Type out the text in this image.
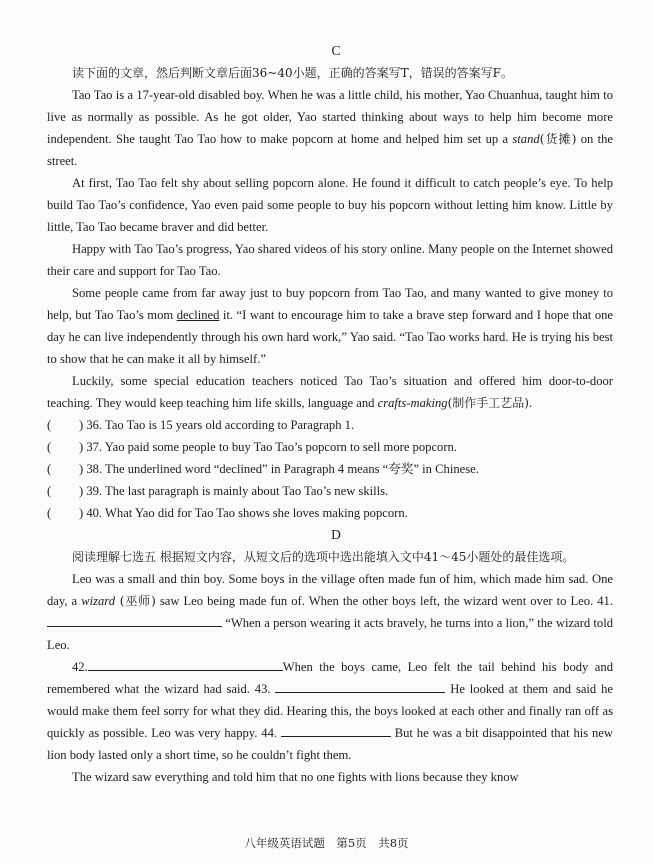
C

读下面的文章，然后判断文章后面36~40小题，正确的答案写T，错误的答案写F。

Tao Tao is a 17-year-old disabled boy. When he was a little child, his mother, Yao Chuanhua, taught him to live as normally as possible. As he got older, Yao started thinking about ways to help him become more independent. She taught Tao Tao how to make popcorn at home and helped him set up a stand(货摊) on the street.

At first, Tao Tao felt shy about selling popcorn alone. He found it difficult to catch people’s eye. To help build Tao Tao’s confidence, Yao even paid some people to buy his popcorn without letting him know. Little by little, Tao Tao became braver and did better.

Happy with Tao Tao’s progress, Yao shared videos of his story online. Many people on the Internet showed their care and support for Tao Tao.

Some people came from far away just to buy popcorn from Tao Tao, and many wanted to give money to help, but Tao Tao’s mom declined it. “I want to encourage him to take a brave step forward and I hope that one day he can live independently through his own hard work,” Yao said. “Tao Tao works hard. He is trying his best to show that he can make it all by himself.”

Luckily, some special education teachers noticed Tao Tao’s situation and offered him door-to-door teaching. They would keep teaching him life skills, language and crafts-making(制作手工艺品).

(	) 36. Tao Tao is 15 years old according to Paragraph 1.
(	) 37. Yao paid some people to buy Tao Tao’s popcorn to sell more popcorn.
(	) 38. The underlined word “declined” in Paragraph 4 means “夸奖” in Chinese.
(	) 39. The last paragraph is mainly about Tao Tao’s new skills.
(	) 40. What Yao did for Tao Tao shows she loves making popcorn.
D

阅读理解七选五 根据短文内容，从短文后的选项中选出能填入文中41～45小题处的最佳选项。

Leo was a small and thin boy. Some boys in the village often made fun of him, which made him sad. One day, a wizard (巫师) saw Leo being made fun of. When the other boys left, the wizard went over to Leo. 41. “When a person wearing it acts bravely, he turns into a lion,” the wizard told Leo.

42.	When the boys came, Leo felt the tail behind his body and remembered what the wizard had said. 43.	He looked at them and said he would make them feel sorry for what they did. Hearing this, the boys looked at each other and finally ran off as quickly as possible. Leo was very happy. 44.	But he was a bit disappointed that his new lion body lasted only a short time, so he couldn’t fight them.

The wizard saw everything and told him that no one fights with lions because they know

八年级英语试题　第5页　共8页
